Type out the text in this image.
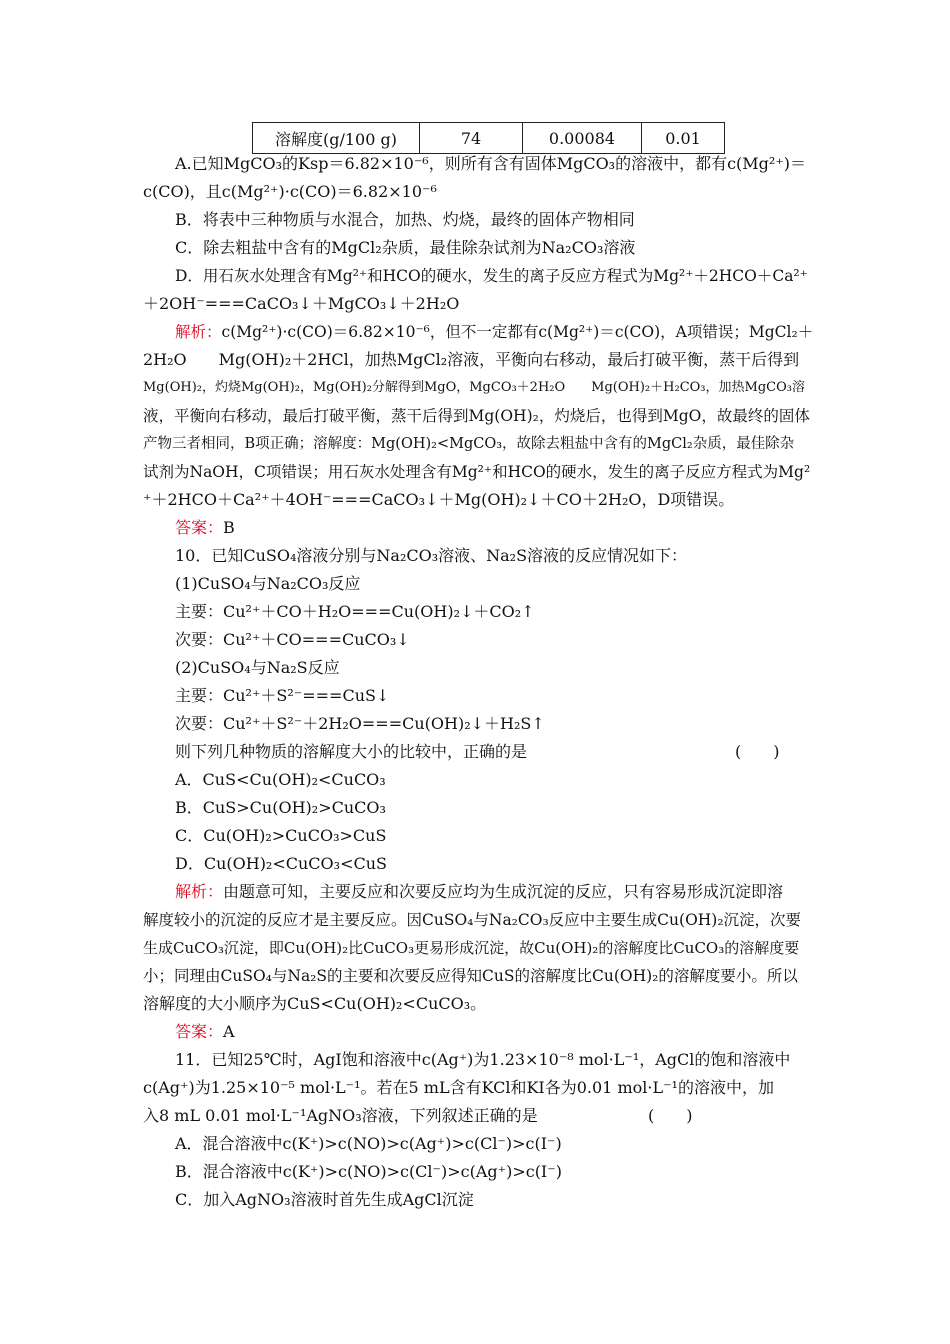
溶解度(g/100 g)	74	0.00084	0.01
A.已知MgCO₃的Ksp＝6.82×10⁻⁶，则所有含有固体MgCO₃的溶液中，都有c(Mg²⁺)＝
c(CO)，且c(Mg²⁺)·c(CO)＝6.82×10⁻⁶
B．将表中三种物质与水混合，加热、灼烧，最终的固体产物相同
C．除去粗盐中含有的MgCl₂杂质，最佳除杂试剂为Na₂CO₃溶液
D．用石灰水处理含有Mg²⁺和HCO的硬水，发生的离子反应方程式为Mg²⁺＋2HCO＋Ca²⁺
＋2OH⁻===CaCO₃↓＋MgCO₃↓＋2H₂O
解析：c(Mg²⁺)·c(CO)＝6.82×10⁻⁶，但不一定都有c(Mg²⁺)＝c(CO)，A项错误；MgCl₂＋
2H₂O　　Mg(OH)₂＋2HCl，加热MgCl₂溶液，平衡向右移动，最后打破平衡，蒸干后得到
Mg(OH)₂，灼烧Mg(OH)₂，Mg(OH)₂分解得到MgO，MgCO₃＋2H₂O　　Mg(OH)₂＋H₂CO₃，加热MgCO₃溶
液，平衡向右移动，最后打破平衡，蒸干后得到Mg(OH)₂，灼烧后，也得到MgO，故最终的固体
产物三者相同，B项正确；溶解度：Mg(OH)₂<MgCO₃，故除去粗盐中含有的MgCl₂杂质，最佳除杂
试剂为NaOH，C项错误；用石灰水处理含有Mg²⁺和HCO的硬水，发生的离子反应方程式为Mg²
⁺＋2HCO＋Ca²⁺＋4OH⁻===CaCO₃↓＋Mg(OH)₂↓＋CO＋2H₂O，D项错误。
答案：B
10．已知CuSO₄溶液分别与Na₂CO₃溶液、Na₂S溶液的反应情况如下：
(1)CuSO₄与Na₂CO₃反应
主要：Cu²⁺＋CO＋H₂O===Cu(OH)₂↓＋CO₂↑
次要：Cu²⁺＋CO===CuCO₃↓
(2)CuSO₄与Na₂S反应
主要：Cu²⁺＋S²⁻===CuS↓
次要：Cu²⁺＋S²⁻＋2H₂O===Cu(OH)₂↓＋H₂S↑
则下列几种物质的溶解度大小的比较中，正确的是	(　　)
A．CuS<Cu(OH)₂<CuCO₃
B．CuS>Cu(OH)₂>CuCO₃
C．Cu(OH)₂>CuCO₃>CuS
D．Cu(OH)₂<CuCO₃<CuS
解析：由题意可知，主要反应和次要反应均为生成沉淀的反应，只有容易形成沉淀即溶
解度较小的沉淀的反应才是主要反应。因CuSO₄与Na₂CO₃反应中主要生成Cu(OH)₂沉淀，次要
生成CuCO₃沉淀，即Cu(OH)₂比CuCO₃更易形成沉淀，故Cu(OH)₂的溶解度比CuCO₃的溶解度要
小；同理由CuSO₄与Na₂S的主要和次要反应得知CuS的溶解度比Cu(OH)₂的溶解度要小。所以
溶解度的大小顺序为CuS<Cu(OH)₂<CuCO₃。
答案：A
11．已知25℃时，AgI饱和溶液中c(Ag⁺)为1.23×10⁻⁸ mol·L⁻¹，AgCl的饱和溶液中
c(Ag⁺)为1.25×10⁻⁵ mol·L⁻¹。若在5 mL含有KCl和KI各为0.01 mol·L⁻¹的溶液中，加
入8 mL 0.01 mol·L⁻¹AgNO₃溶液，下列叙述正确的是	(　　)
A．混合溶液中c(K⁺)>c(NO)>c(Ag⁺)>c(Cl⁻)>c(I⁻)
B．混合溶液中c(K⁺)>c(NO)>c(Cl⁻)>c(Ag⁺)>c(I⁻)
C．加入AgNO₃溶液时首先生成AgCl沉淀
